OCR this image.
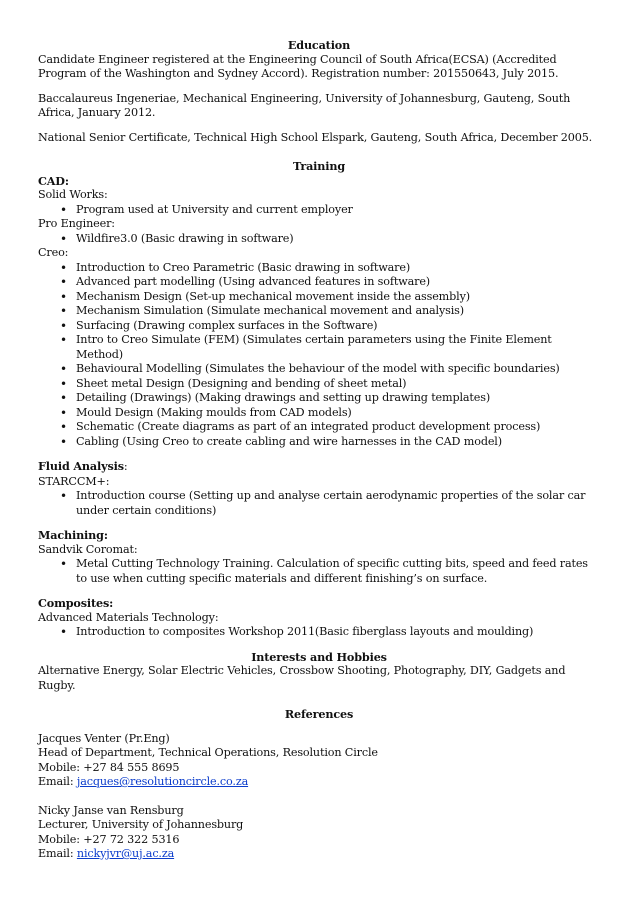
Education

Candidate Engineer registered at the Engineering Council of South Africa(ECSA) (Accredited Program of the Washington and Sydney Accord). Registration number: 201550643, July 2015.

Baccalaureus Ingeneriae, Mechanical Engineering, University of Johannesburg, Gauteng, South Africa, January 2012.

National Senior Certificate, Technical High School Elspark, Gauteng, South Africa, December 2005.

Training

CAD:

Solid Works:

• Program used at University and current employer

Pro Engineer:

• Wildfire3.0 (Basic drawing in software)

Creo:

• Introduction to Creo Parametric (Basic drawing in software)
• Advanced part modelling (Using advanced features in software)
• Mechanism Design (Set-up mechanical movement inside the assembly)
• Mechanism Simulation (Simulate mechanical movement and analysis)
• Surfacing (Drawing complex surfaces in the Software)
• Intro to Creo Simulate (FEM) (Simulates certain parameters using the Finite Element Method)
• Behavioural Modelling (Simulates the behaviour of the model with specific boundaries)
• Sheet metal Design (Designing and bending of sheet metal)
• Detailing (Drawings) (Making drawings and setting up drawing templates)
• Mould Design (Making moulds from CAD models)
• Schematic (Create diagrams as part of an integrated product development process)
• Cabling (Using Creo to create cabling and wire harnesses in the CAD model)

Fluid Analysis:

STARCCM+:

• Introduction course (Setting up and analyse certain aerodynamic properties of the solar car under certain conditions)

Machining:

Sandvik Coromat:

• Metal Cutting Technology Training. Calculation of specific cutting bits, speed and feed rates to use when cutting specific materials and different finishing’s on surface.

Composites:

Advanced Materials Technology:

• Introduction to composites Workshop 2011(Basic fiberglass layouts and moulding)

Interests and Hobbies

Alternative Energy, Solar Electric Vehicles, Crossbow Shooting, Photography, DIY, Gadgets and Rugby.

References

Jacques Venter (Pr.Eng)

Head of Department, Technical Operations, Resolution Circle

Mobile: +27 84 555 8695

Email: jacques@resolutioncircle.co.za

Nicky Janse van Rensburg

Lecturer, University of Johannesburg

Mobile: +27 72 322 5316

Email: nickyjvr@uj.ac.za
